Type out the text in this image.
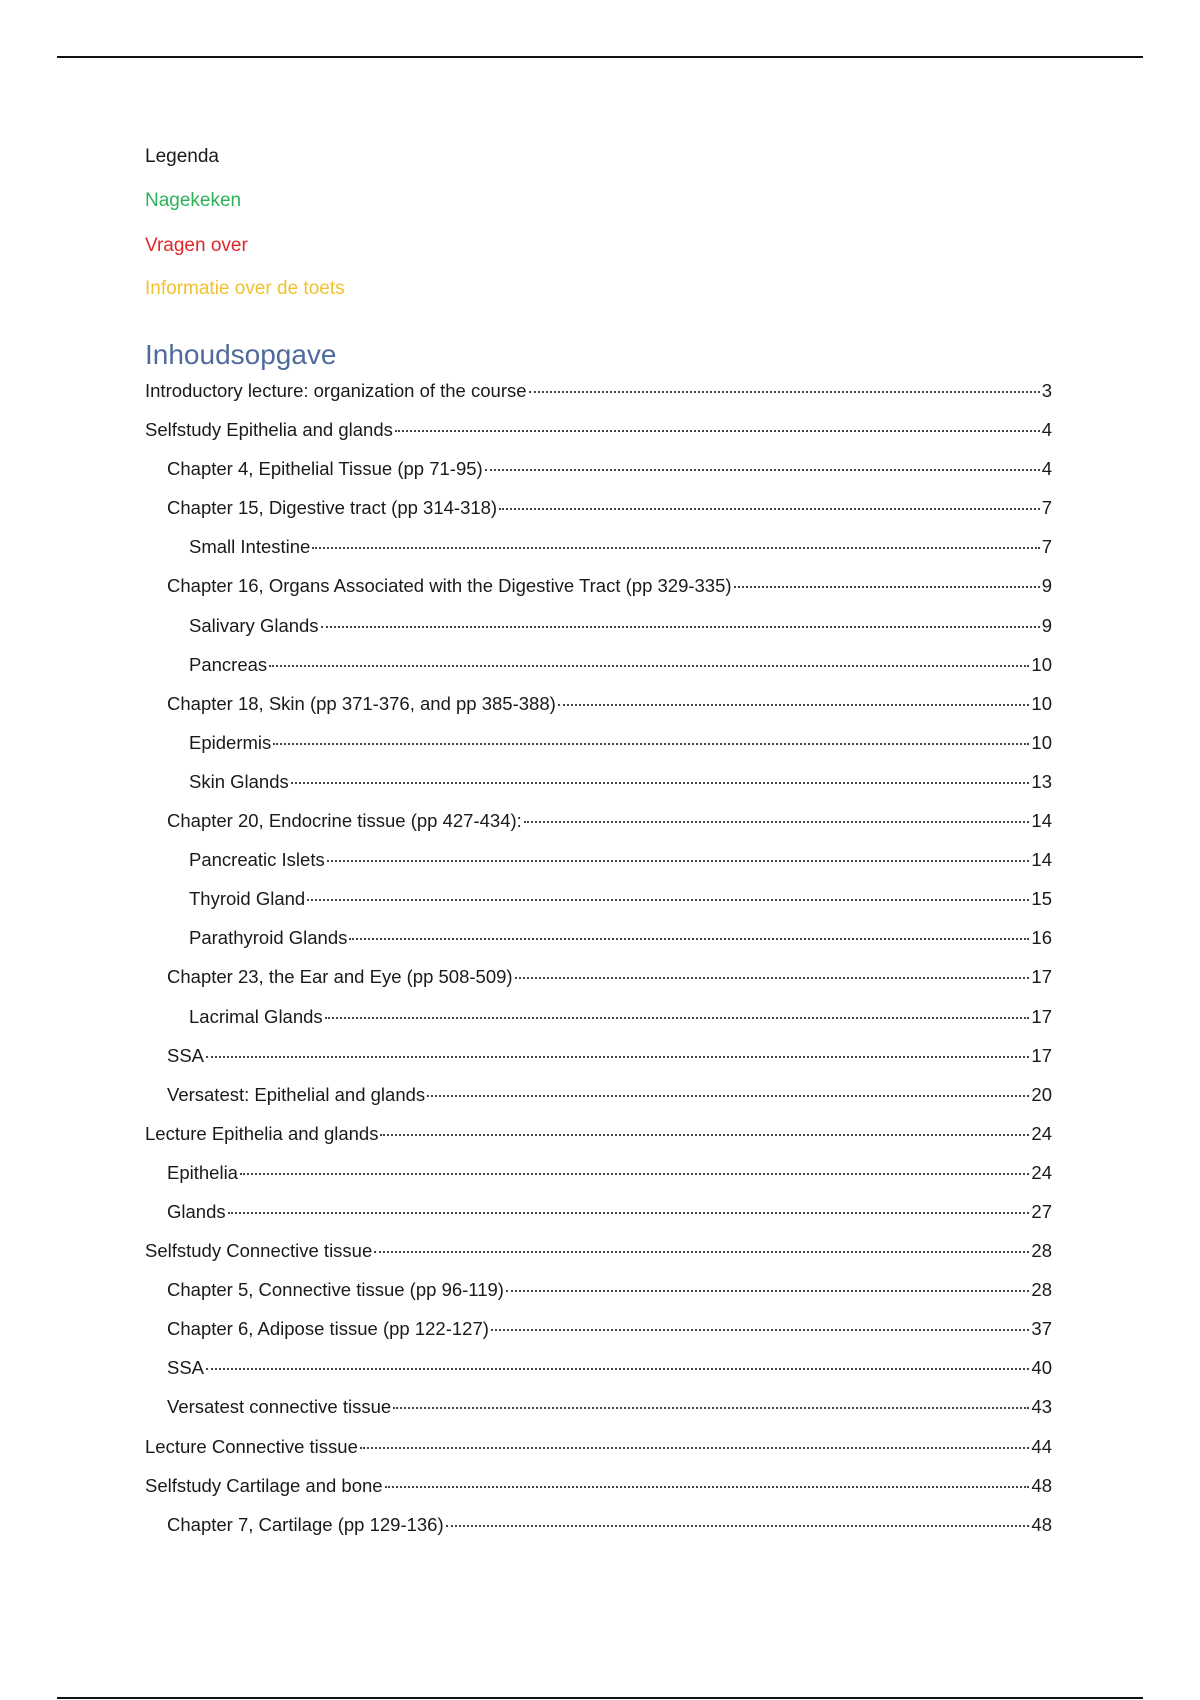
Legenda
Nagekeken
Vragen over
Informatie over de toets
Inhoudsopgave
Introductory lecture: organization of the course	3
Selfstudy Epithelia and glands	4
Chapter 4, Epithelial Tissue (pp 71-95)	4
Chapter 15, Digestive tract (pp 314-318)	7
Small Intestine	7
Chapter 16, Organs Associated with the Digestive Tract (pp 329-335)	9
Salivary Glands	9
Pancreas	10
Chapter 18, Skin (pp 371-376, and pp 385-388)	10
Epidermis	10
Skin Glands	13
Chapter 20, Endocrine tissue (pp 427-434):	14
Pancreatic Islets	14
Thyroid Gland	15
Parathyroid Glands	16
Chapter 23, the Ear and Eye (pp 508-509)	17
Lacrimal Glands	17
SSA	17
Versatest: Epithelial and glands	20
Lecture Epithelia and glands	24
Epithelia	24
Glands	27
Selfstudy Connective tissue	28
Chapter 5, Connective tissue (pp 96-119)	28
Chapter 6, Adipose tissue (pp 122-127)	37
SSA	40
Versatest connective tissue	43
Lecture Connective tissue	44
Selfstudy Cartilage and bone	48
Chapter 7, Cartilage (pp 129-136)	48
